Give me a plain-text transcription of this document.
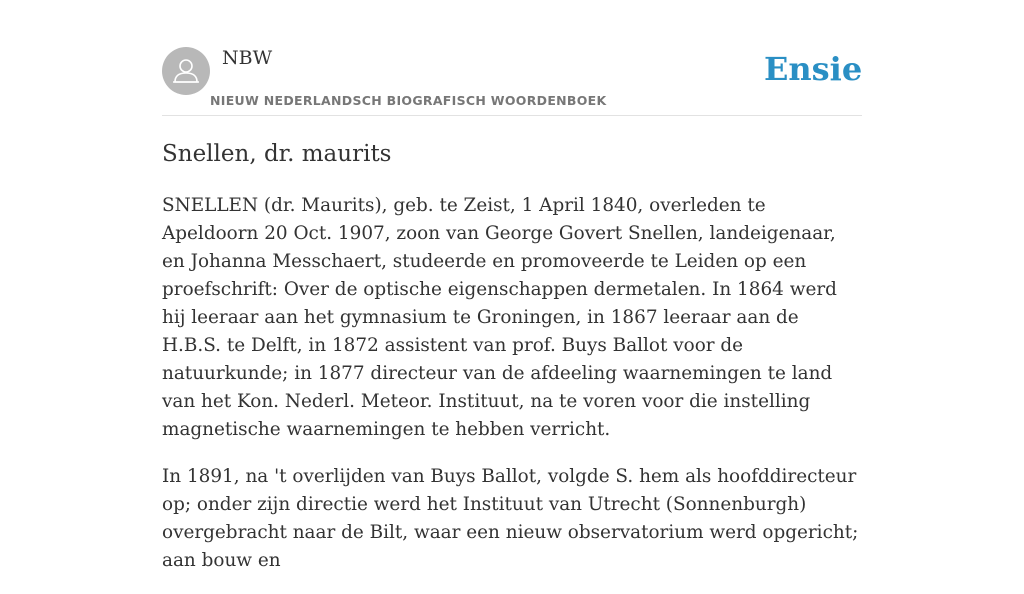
NBW
NIEUW NEDERLANDSCH BIOGRAFISCH WOORDENBOEK
Ensie
Snellen, dr. maurits

SNELLEN (dr. Maurits), geb. te Zeist, 1 April 1840, overleden te Apeldoorn 20 Oct. 1907, zoon van George Govert Snellen, landeigenaar, en Johanna Messchaert, studeerde en promoveerde te Leiden op een proefschrift: Over de optische eigenschappen dermetalen. In 1864 werd hij leeraar aan het gymnasium te Groningen, in 1867 leeraar aan de H.B.S. te Delft, in 1872 assistent van prof. Buys Ballot voor de natuurkunde; in 1877 directeur van de afdeeling waarnemingen te land van het Kon. Nederl. Meteor. Instituut, na te voren voor die instelling magnetische waarnemingen te hebben verricht.

In 1891, na 't overlijden van Buys Ballot, volgde S. hem als hoofddirecteur op; onder zijn directie werd het Instituut van Utrecht (Sonnenburgh) overgebracht naar de Bilt, waar een nieuw observatorium werd opgericht; aan bouw en
